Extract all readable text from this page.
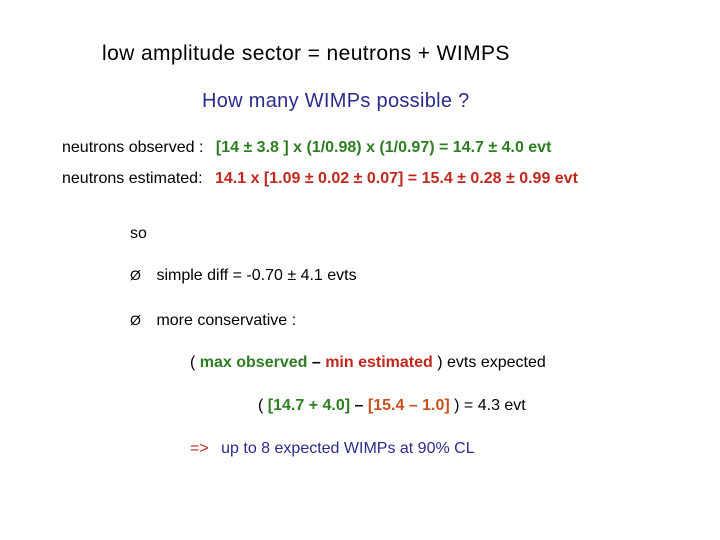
low amplitude sector = neutrons + WIMPS
How many WIMPs possible ?
neutrons observed : [14 ± 3.8 ] x (1/0.98) x (1/0.97) = 14.7 ± 4.0 evt
neutrons estimated: 14.1 x [1.09 ± 0.02 ± 0.07] = 15.4 ± 0.28 ± 0.99 evt
so
Ø simple diff = -0.70 ± 4.1 evts
Ø more conservative :
( max observed – min estimated ) evts expected
( [14.7 + 4.0] – [15.4 – 1.0] ) = 4.3 evt
=> up to 8 expected WIMPs at 90% CL
